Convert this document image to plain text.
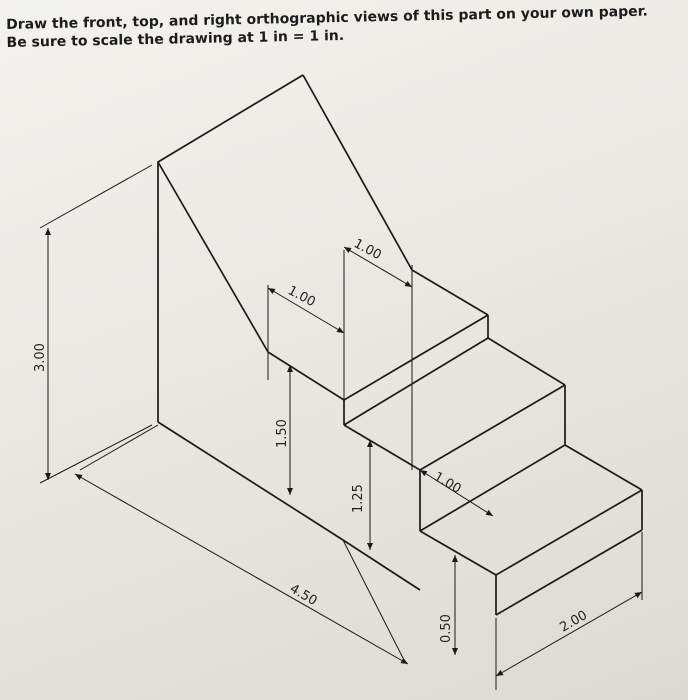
Draw the front, top, and right orthographic views of this part on your own paper.
Be sure to scale the drawing at 1 in = 1 in.
3.00
1.50
1.25
0.50
1.00
1.00
1.00
4.50
2.00
